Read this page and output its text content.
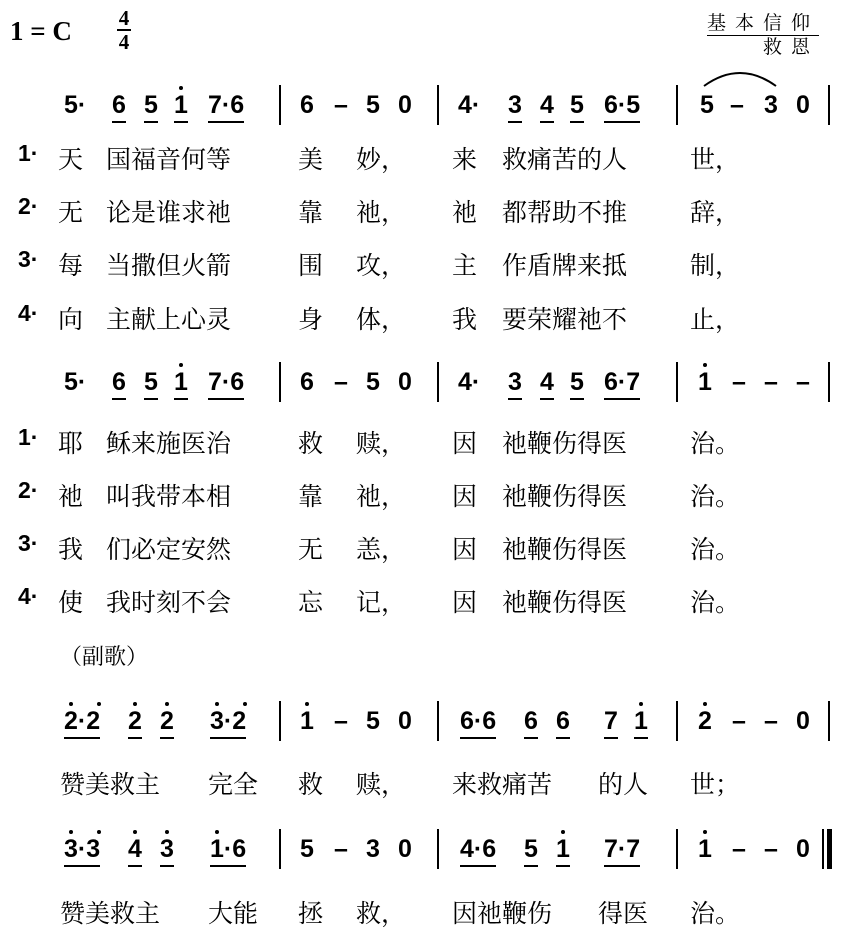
1 = C 4
4
基本信仰
救恩
5· 6 5 1 7·6 6 – 5 0 4· 3 4 5 6·5 5 – 3 0
1· 天 国福音何等	美 妙， 来 救痛苦的人	世，
2· 无 论是谁求祂	靠 祂， 祂 都帮助不推	辞，
3· 每 当撒但火箭	围 攻， 主 作盾牌来抵	制，
4· 向 主献上心灵	身 体， 我 要荣耀祂不	止，
5· 6 5 1 7·6 6 – 5 0 4· 3 4 5 6·7 1 – – –
1· 耶 稣来施医治	救 赎， 因 祂鞭伤得医	治。
2· 祂 叫我带本相	靠 祂， 因 祂鞭伤得医	治。
3· 我 们必定安然	无 恙， 因 祂鞭伤得医	治。
4· 使 我时刻不会	忘 记， 因 祂鞭伤得医	治。
（副歌）
2·2 2 2 3·2 1 – 5 0 6·6 6 6 7 1 2 – – 0
赞美救主 完全 救 赎， 来救痛苦 的人 世；
3·3 4 3 1·6 5 – 3 0 4·6 5 1 7·7 1 – – 0
赞美救主 大能 拯 救， 因祂鞭伤 得医 治。
